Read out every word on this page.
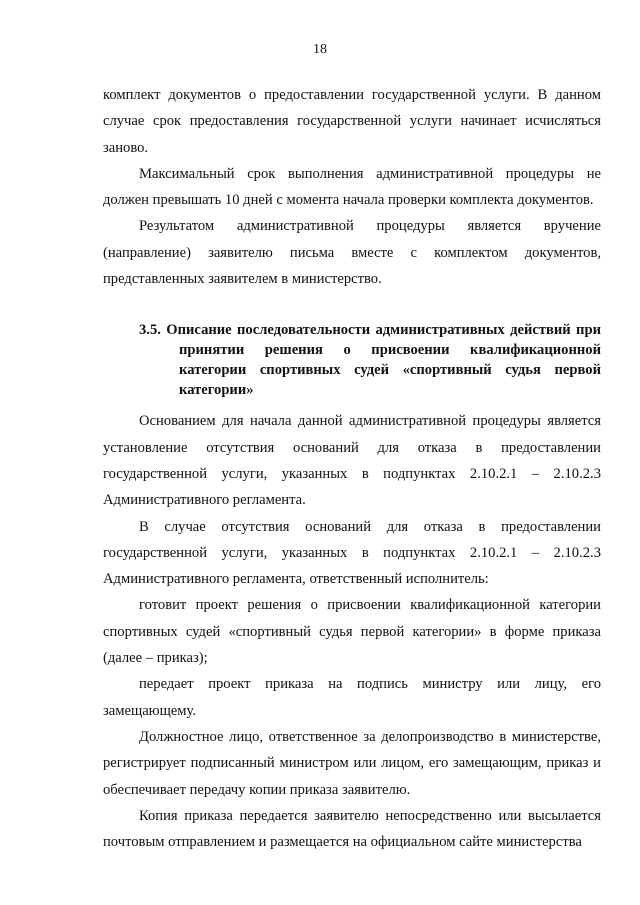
18

комплект документов о предоставлении государственной услуги. В данном случае срок предоставления государственной услуги начинает исчисляться заново.

Максимальный срок выполнения административной процедуры не должен превышать 10 дней с момента начала проверки комплекта документов.

Результатом административной процедуры является вручение (направление) заявителю письма вместе с комплектом документов, представленных заявителем в министерство.

3.5. Описание последовательности административных действий при принятии решения о присвоении квалификационной категории спортивных судей «спортивный судья первой категории»

Основанием для начала данной административной процедуры является установление отсутствия оснований для отказа в предоставлении государственной услуги, указанных в подпунктах 2.10.2.1 – 2.10.2.3 Административного регламента.

В случае отсутствия оснований для отказа в предоставлении государственной услуги, указанных в подпунктах 2.10.2.1 – 2.10.2.3 Административного регламента, ответственный исполнитель:

готовит проект решения о присвоении квалификационной категории спортивных судей «спортивный судья первой категории» в форме приказа (далее – приказ);

передает проект приказа на подпись министру или лицу, его замещающему.

Должностное лицо, ответственное за делопроизводство в министерстве, регистрирует подписанный министром или лицом, его замещающим, приказ и обеспечивает передачу копии приказа заявителю.

Копия приказа передается заявителю непосредственно или высылается почтовым отправлением и размещается на официальном сайте министерства
